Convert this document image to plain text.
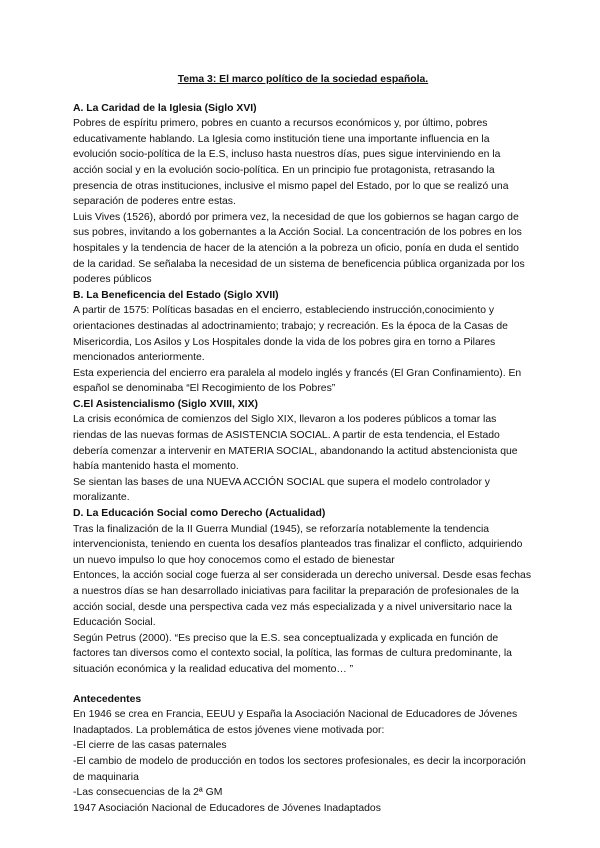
Tema 3: El marco político de la sociedad española.

A. La Caridad de la Iglesia (Siglo XVI)

Pobres de espíritu primero, pobres en cuanto a recursos económicos y, por último, pobres educativamente hablando. La Iglesia como institución tiene una importante influencia en la evolución socio-política de la E.S, incluso hasta nuestros días, pues sigue interviniendo en la acción social y en la evolución socio-política. En un principio fue protagonista, retrasando la presencia de otras instituciones, inclusive el mismo papel del Estado, por lo que se realizó una separación de poderes entre estas.

Luis Vives (1526), abordó por primera vez, la necesidad de que los gobiernos se hagan cargo de sus pobres, invitando a los gobernantes a la Acción Social. La concentración de los pobres en los hospitales y la tendencia de hacer de la atención a la pobreza un oficio, ponía en duda el sentido de la caridad. Se señalaba la necesidad de un sistema de beneficencia pública organizada por los poderes públicos

B. La Beneficencia del Estado (Siglo XVII)

A partir de 1575: Políticas basadas en el encierro, estableciendo instrucción,conocimiento y orientaciones destinadas al adoctrinamiento; trabajo; y recreación. Es la época de la Casas de Misericordia, Los Asilos y Los Hospitales donde la vida de los pobres gira en torno a Pilares mencionados anteriormente.

Esta experiencia del encierro era paralela al modelo inglés y francés (El Gran Confinamiento). En español se denominaba “El Recogimiento de los Pobres”

C.El Asistencialismo (Siglo XVIII, XIX)

La crisis económica de comienzos del Siglo XIX, llevaron a los poderes públicos a tomar las riendas de las nuevas formas de ASISTENCIA SOCIAL. A partir de esta tendencia, el Estado debería comenzar a intervenir en MATERIA SOCIAL, abandonando la actitud abstencionista que había mantenido hasta el momento.

Se sientan las bases de una NUEVA ACCIÓN SOCIAL que supera el modelo controlador y moralizante.

D. La Educación Social como Derecho (Actualidad)

Tras la finalización de la II Guerra Mundial (1945), se reforzaría notablemente la tendencia intervencionista, teniendo en cuenta los desafíos planteados tras finalizar el conflicto, adquiriendo un nuevo impulso lo que hoy conocemos como el estado de bienestar

Entonces, la acción social coge fuerza al ser considerada un derecho universal. Desde esas fechas a nuestros días se han desarrollado iniciativas para facilitar la preparación de profesionales de la acción social, desde una perspectiva cada vez más especializada y a nivel universitario nace la Educación Social.

Según Petrus (2000). “Es preciso que la E.S. sea conceptualizada y explicada en función de factores tan diversos como el contexto social, la política, las formas de cultura predominante, la situación económica y la realidad educativa del momento… ”

Antecedentes

En 1946 se crea en Francia, EEUU y España la Asociación Nacional de Educadores de Jóvenes Inadaptados. La problemática de estos jóvenes viene motivada por:

-El cierre de las casas paternales

-El cambio de modelo de producción en todos los sectores profesionales, es decir la incorporación de maquinaria

-Las consecuencias de la 2ª GM

1947 Asociación Nacional de Educadores de Jóvenes Inadaptados
